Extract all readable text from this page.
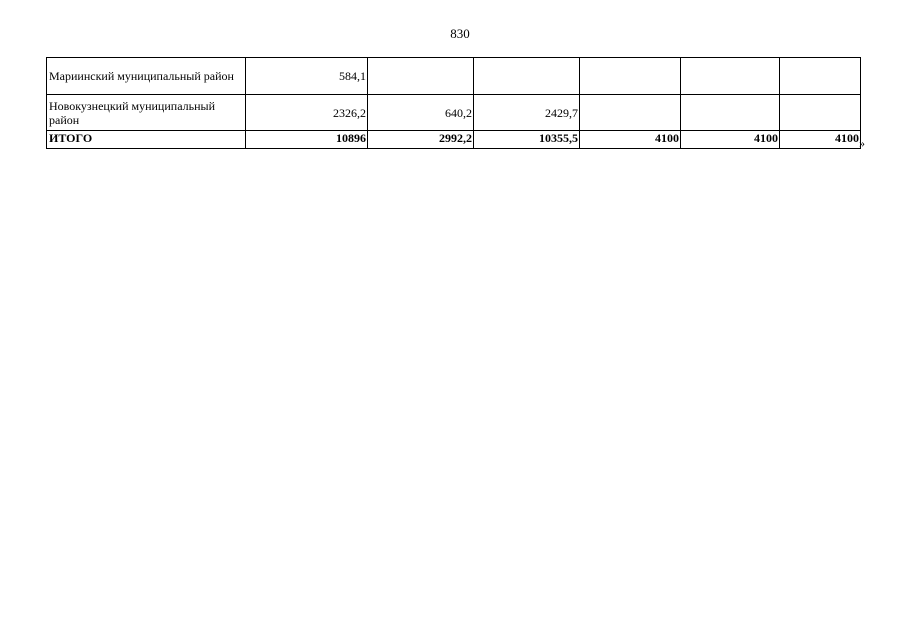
830
Мариинский муниципальный район	584,1					
Новокузнецкий муниципальный район	2326,2	640,2	2429,7			
ИТОГО	10896	2992,2	10355,5	4100	4100	4100 »
